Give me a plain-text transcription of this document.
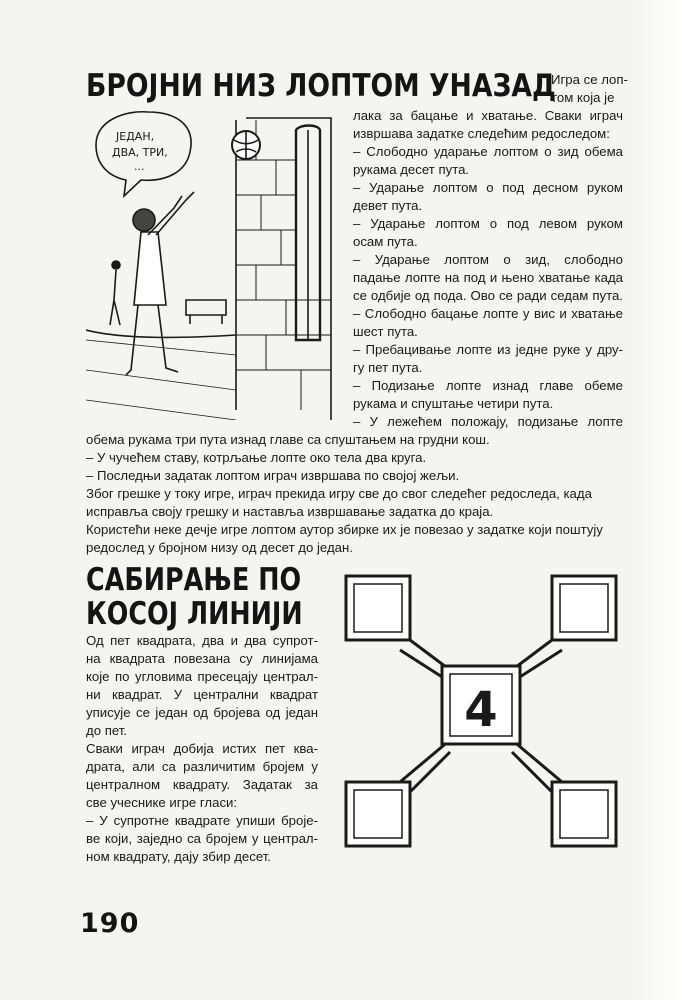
БРОЈНИ НИЗ ЛОПТОМ УНАЗАД
ЈЕДАН,
ДВА, ТРИ,
...
Игра се лоп-
том која је
лака за бацање и хватање. Сваки играч
извршава задатке следећим редоследом:
– Слободно ударање лоптом о зид обема
рукама десет пута.
– Ударање лоптом о под десном руком
девет пута.
– Ударање лоптом о под левом руком
осам пута.
– Ударање лоптом о зид, слободно
падање лопте на под и њено хватање када
се одбије од пода. Ово се ради седам пута.
– Слободно бацање лопте у вис и хватање
шест пута.
– Пребацивање лопте из једне руке у дру-
гу пет пута.
– Подизање лопте изнад главе обеме
рукама и спуштање четири пута.
– У лежећем положају, подизање лопте
обема рукама три пута изнад главе са спуштањем на грудни кош.
– У чучећем ставу, котрљање лопте око тела два круга.
– Последњи задатак лоптом играч извршава по својој жељи.
Због грешке у току игре, играч прекида игру све до свог следећег редоследа, када
исправља своју грешку и наставља извршавање задатка до краја.
Користећи неке дечје игре лоптом аутор збирке их је повезао у задатке који поштују
редослед у бројном низу од десет до један.
САБИРАЊЕ ПО
КОСОЈ ЛИНИЈИ
Од пет квадрата, два и два супрот-
на квадрата повезана су линијама
које по угловима пресецају централ-
ни квадрат. У централни квадрат
уписује се један од бројева од један
до пет.
Сваки играч добија истих пет ква-
драта, али са различитим бројем у
централном квадрату. Задатак за
све учеснике игре гласи:
– У супротне квадрате упиши броје-
ве који, заједно са бројем у централ-
ном квадрату, дају збир десет.
4
190
